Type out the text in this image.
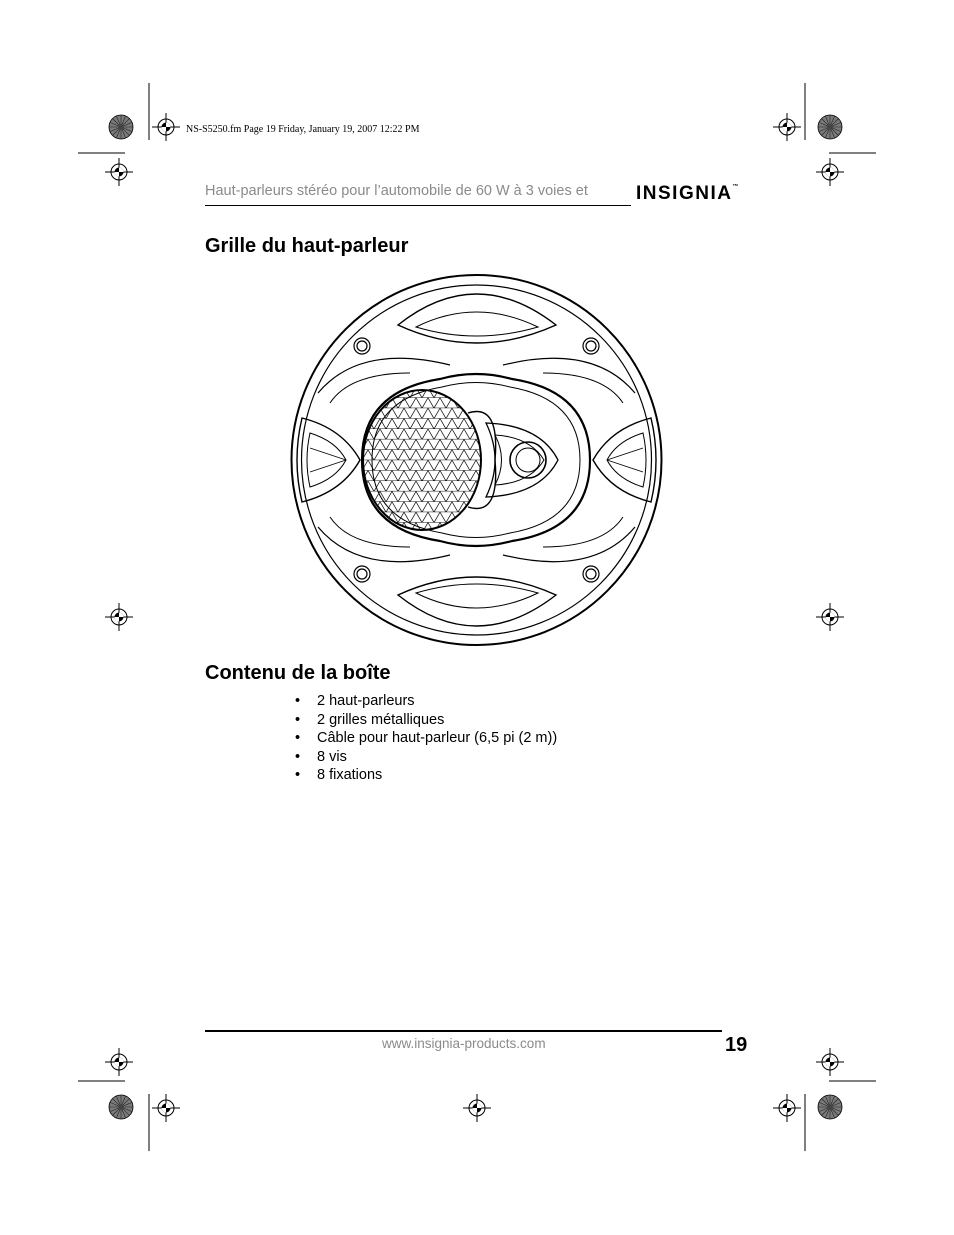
NS-S5250.fm Page 19 Friday, January 19, 2007 12:22 PM
Haut-parleurs stéréo pour l’automobile de 60 W à 3 voies et	INSIGNIA™
Grille du haut-parleur
Contenu de la boîte
• 2 haut-parleurs
• 2 grilles métalliques
• Câble pour haut-parleur (6,5 pi (2 m))
• 8 vis
• 8 fixations
www.insignia-products.com	19
